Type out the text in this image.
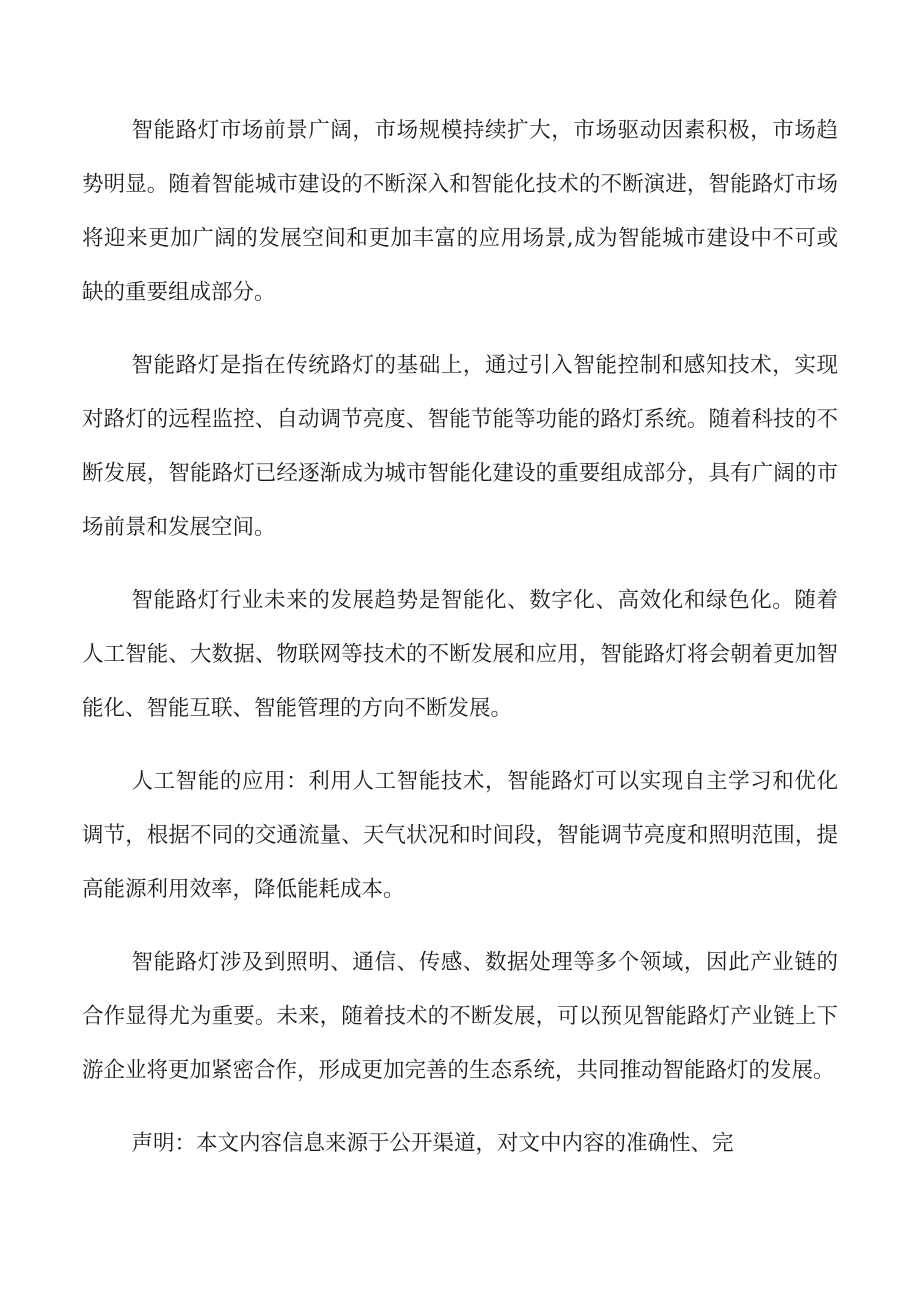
智能路灯市场前景广阔，市场规模持续扩大，市场驱动因素积极，市场趋势明显。随着智能城市建设的不断深入和智能化技术的不断演进，智能路灯市场将迎来更加广阔的发展空间和更加丰富的应用场景,成为智能城市建设中不可或缺的重要组成部分。

智能路灯是指在传统路灯的基础上，通过引入智能控制和感知技术，实现对路灯的远程监控、自动调节亮度、智能节能等功能的路灯系统。随着科技的不断发展，智能路灯已经逐渐成为城市智能化建设的重要组成部分，具有广阔的市场前景和发展空间。

智能路灯行业未来的发展趋势是智能化、数字化、高效化和绿色化。随着人工智能、大数据、物联网等技术的不断发展和应用，智能路灯将会朝着更加智能化、智能互联、智能管理的方向不断发展。

人工智能的应用：利用人工智能技术，智能路灯可以实现自主学习和优化调节，根据不同的交通流量、天气状况和时间段，智能调节亮度和照明范围，提高能源利用效率，降低能耗成本。

智能路灯涉及到照明、通信、传感、数据处理等多个领域，因此产业链的合作显得尤为重要。未来，随着技术的不断发展，可以预见智能路灯产业链上下游企业将更加紧密合作，形成更加完善的生态系统，共同推动智能路灯的发展。

声明：本文内容信息来源于公开渠道，对文中内容的准确性、完
